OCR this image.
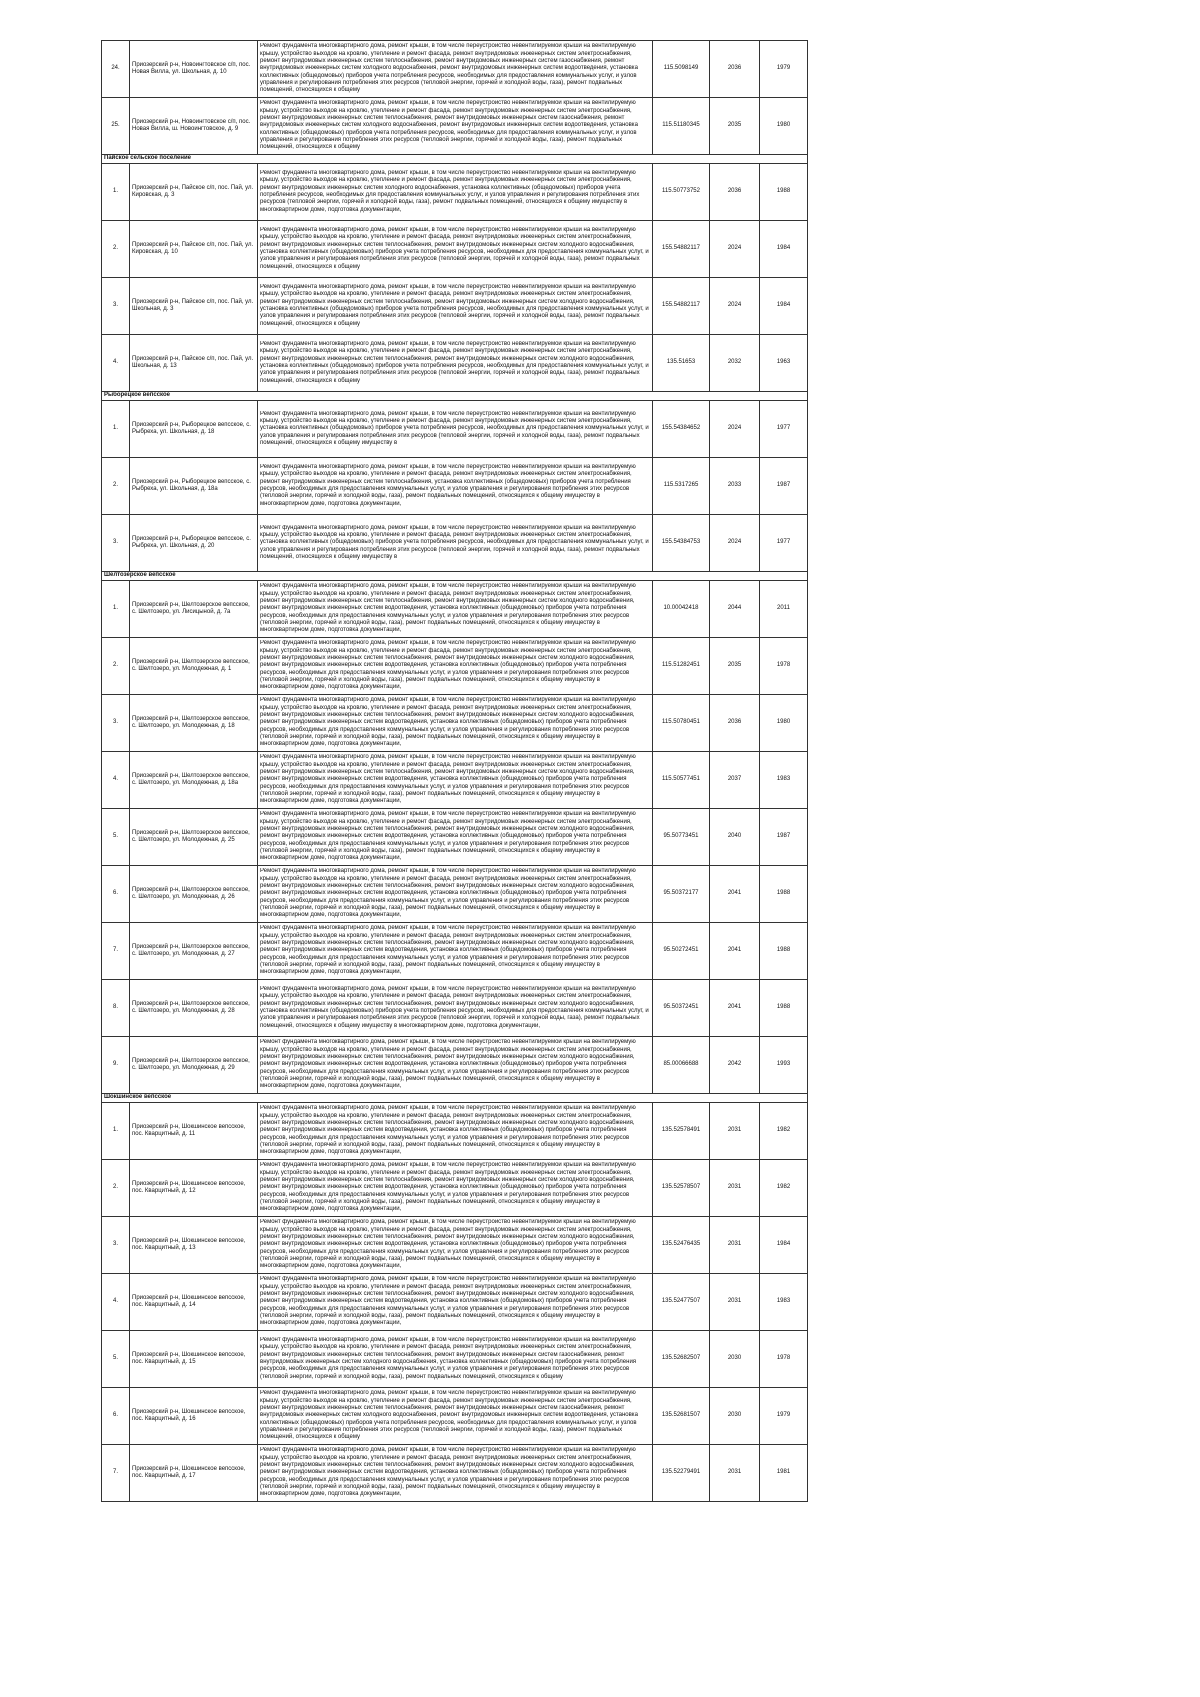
24.	Приозерский р-н, Новоингтовское с/п, пос. Новая Вилла, ул. Школьная, д. 10	Ремонт фундамента многоквартирного дома, ремонт крыши, в том числе переустройство невентилируемой крыши на вентилируемую крышу, устройство выходов на кровлю, утепление и ремонт фасада, ремонт внутридомовых инженерных систем электроснабжения, ремонт внутридомовых инженерных систем теплоснабжения, ремонт внутридомовых инженерных систем газоснабжения, ремонт внутридомовых инженерных систем холодного водоснабжения, ремонт внутридомовых инженерных систем водоотведения, установка коллективных (общедомовых) приборов учета потребления ресурсов, необходимых для предоставления коммунальных услуг, и узлов управления и регулирования потребления этих ресурсов (тепловой энергии, горячей и холодной воды, газа), ремонт подвальных помещений, относящихся к общему	115.5098149	2036	1979
25.	Приозерский р-н, Новоингтовское с/п, пос. Новая Вилла, ш. Новоингтовское, д. 9	Ремонт фундамента многоквартирного дома, ремонт крыши, в том числе переустройство невентилируемой крыши на вентилируемую крышу, устройство выходов на кровлю, утепление и ремонт фасада, ремонт внутридомовых инженерных систем электроснабжения, ремонт внутридомовых инженерных систем теплоснабжения, ремонт внутридомовых инженерных систем газоснабжения, ремонт внутридомовых инженерных систем холодного водоснабжения, ремонт внутридомовых инженерных систем водоотведения, установка коллективных (общедомовых) приборов учета потребления ресурсов, необходимых для предоставления коммунальных услуг, и узлов управления и регулирования потребления этих ресурсов (тепловой энергии, горячей и холодной воды, газа), ремонт подвальных помещений, относящихся к общему	115.51180345	2035	1980
Пайское сельское поселение					
1.	Приозерский р-н, Пайское с/п, пос. Пай, ул. Кировская, д. 3	Ремонт фундамента многоквартирного дома, ремонт крыши, в том числе переустройство невентилируемой крыши на вентилируемую крышу, устройство выходов на кровлю, утепление и ремонт фасада, ремонт внутридомовых инженерных систем электроснабжения, ремонт внутридомовых инженерных систем холодного водоснабжения, установка коллективных (общедомовых) приборов учета потребления ресурсов, необходимых для предоставления коммунальных услуг, и узлов управления и регулирования потребления этих ресурсов (тепловой энергии, горячей и холодной воды, газа), ремонт подвальных помещений, относящихся к общему имуществу в многоквартирном доме, подготовка документации,	115.50773752	2036	1988
2.	Приозерский р-н, Пайское с/п, пос. Пай, ул. Кировская, д. 10	Ремонт фундамента многоквартирного дома, ремонт крыши, в том числе переустройство невентилируемой крыши на вентилируемую крышу, устройство выходов на кровлю, утепление и ремонт фасада, ремонт внутридомовых инженерных систем электроснабжения, ремонт внутридомовых инженерных систем теплоснабжения, ремонт внутридомовых инженерных систем холодного водоснабжения, установка коллективных (общедомовых) приборов учета потребления ресурсов, необходимых для предоставления коммунальных услуг, и узлов управления и регулирования потребления этих ресурсов (тепловой энергии, горячей и холодной воды, газа), ремонт подвальных помещений, относящихся к общему	155.54882117	2024	1984
3.	Приозерский р-н, Пайское с/п, пос. Пай, ул. Школьная, д. 3	Ремонт фундамента многоквартирного дома, ремонт крыши, в том числе переустройство невентилируемой крыши на вентилируемую крышу, устройство выходов на кровлю, утепление и ремонт фасада, ремонт внутридомовых инженерных систем электроснабжения, ремонт внутридомовых инженерных систем теплоснабжения, ремонт внутридомовых инженерных систем холодного водоснабжения, установка коллективных (общедомовых) приборов учета потребления ресурсов, необходимых для предоставления коммунальных услуг, и узлов управления и регулирования потребления этих ресурсов (тепловой энергии, горячей и холодной воды, газа), ремонт подвальных помещений, относящихся к общему	155.54882117	2024	1984
4.	Приозерский р-н, Пайское с/п, пос. Пай, ул. Школьная, д. 13	Ремонт фундамента многоквартирного дома, ремонт крыши, в том числе переустройство невентилируемой крыши на вентилируемую крышу, устройство выходов на кровлю, утепление и ремонт фасада, ремонт внутридомовых инженерных систем электроснабжения, ремонт внутридомовых инженерных систем теплоснабжения, ремонт внутридомовых инженерных систем холодного водоснабжения, установка коллективных (общедомовых) приборов учета потребления ресурсов, необходимых для предоставления коммунальных услуг, и узлов управления и регулирования потребления этих ресурсов (тепловой энергии, горячей и холодной воды, газа), ремонт подвальных помещений, относящихся к общему	135.51653	2032	1963
Рыборецкое вепсское					
1.	Приозерский р-н, Рыборецкое вепсское, с. Рыбреха, ул. Школьная, д. 18	Ремонт фундамента многоквартирного дома, ремонт крыши, в том числе переустройство невентилируемой крыши на вентилируемую крышу, устройство выходов на кровлю, утепление и ремонт фасада, ремонт внутридомовых инженерных систем электроснабжения, установка коллективных (общедомовых) приборов учета потребления ресурсов, необходимых для предоставления коммунальных услуг, и узлов управления и регулирования потребления этих ресурсов (тепловой энергии, горячей и холодной воды, газа), ремонт подвальных помещений, относящихся к общему имуществу в	155.54384652	2024	1977
2.	Приозерский р-н, Рыборецкое вепсское, с. Рыбреха, ул. Школьная, д. 18а	Ремонт фундамента многоквартирного дома, ремонт крыши, в том числе переустройство невентилируемой крыши на вентилируемую крышу, устройство выходов на кровлю, утепление и ремонт фасада, ремонт внутридомовых инженерных систем электроснабжения, ремонт внутридомовых инженерных систем теплоснабжения, установка коллективных (общедомовых) приборов учета потребления ресурсов, необходимых для предоставления коммунальных услуг, и узлов управления и регулирования потребления этих ресурсов (тепловой энергии, горячей и холодной воды, газа), ремонт подвальных помещений, относящихся к общему имуществу в многоквартирном доме, подготовка документации,	115.5317265	2033	1987
3.	Приозерский р-н, Рыборецкое вепсское, с. Рыбреха, ул. Школьная, д. 20	Ремонт фундамента многоквартирного дома, ремонт крыши, в том числе переустройство невентилируемой крыши на вентилируемую крышу, устройство выходов на кровлю, утепление и ремонт фасада, ремонт внутридомовых инженерных систем электроснабжения, установка коллективных (общедомовых) приборов учета потребления ресурсов, необходимых для предоставления коммунальных услуг, и узлов управления и регулирования потребления этих ресурсов (тепловой энергии, горячей и холодной воды, газа), ремонт подвальных помещений, относящихся к общему имуществу в	155.54384753	2024	1977
Шелтозерское вепсское					
1.	Приозерский р-н, Шелтозерское вепсское, с. Шелтозеро, ул. Лисицыной, д. 7а	Ремонт фундамента многоквартирного дома, ремонт крыши, в том числе переустройство невентилируемой крыши на вентилируемую крышу, устройство выходов на кровлю, утепление и ремонт фасада, ремонт внутридомовых инженерных систем электроснабжения, ремонт внутридомовых инженерных систем теплоснабжения, ремонт внутридомовых инженерных систем холодного водоснабжения, ремонт внутридомовых инженерных систем водоотведения, установка коллективных (общедомовых) приборов учета потребления ресурсов, необходимых для предоставления коммунальных услуг, и узлов управления и регулирования потребления этих ресурсов (тепловой энергии, горячей и холодной воды, газа), ремонт подвальных помещений, относящихся к общему имуществу в многоквартирном доме, подготовка документации,	10.00042418	2044	2011
2.	Приозерский р-н, Шелтозерское вепсское, с. Шелтозеро, ул. Молодежная, д. 1	Ремонт фундамента многоквартирного дома, ремонт крыши, в том числе переустройство невентилируемой крыши на вентилируемую крышу, устройство выходов на кровлю, утепление и ремонт фасада, ремонт внутридомовых инженерных систем электроснабжения, ремонт внутридомовых инженерных систем теплоснабжения, ремонт внутридомовых инженерных систем холодного водоснабжения, ремонт внутридомовых инженерных систем водоотведения, установка коллективных (общедомовых) приборов учета потребления ресурсов, необходимых для предоставления коммунальных услуг, и узлов управления и регулирования потребления этих ресурсов (тепловой энергии, горячей и холодной воды, газа), ремонт подвальных помещений, относящихся к общему имуществу в многоквартирном доме, подготовка документации,	115.51282451	2035	1978
3.	Приозерский р-н, Шелтозерское вепсское, с. Шелтозеро, ул. Молодежная, д. 18	Ремонт фундамента многоквартирного дома, ремонт крыши, в том числе переустройство невентилируемой крыши на вентилируемую крышу, устройство выходов на кровлю, утепление и ремонт фасада, ремонт внутридомовых инженерных систем электроснабжения, ремонт внутридомовых инженерных систем теплоснабжения, ремонт внутридомовых инженерных систем холодного водоснабжения, ремонт внутридомовых инженерных систем водоотведения, установка коллективных (общедомовых) приборов учета потребления ресурсов, необходимых для предоставления коммунальных услуг, и узлов управления и регулирования потребления этих ресурсов (тепловой энергии, горячей и холодной воды, газа), ремонт подвальных помещений, относящихся к общему имуществу в многоквартирном доме, подготовка документации,	115.50780451	2036	1980
4.	Приозерский р-н, Шелтозерское вепсское, с. Шелтозеро, ул. Молодежная, д. 18а	Ремонт фундамента многоквартирного дома, ремонт крыши, в том числе переустройство невентилируемой крыши на вентилируемую крышу, устройство выходов на кровлю, утепление и ремонт фасада, ремонт внутридомовых инженерных систем электроснабжения, ремонт внутридомовых инженерных систем теплоснабжения, ремонт внутридомовых инженерных систем холодного водоснабжения, ремонт внутридомовых инженерных систем водоотведения, установка коллективных (общедомовых) приборов учета потребления ресурсов, необходимых для предоставления коммунальных услуг, и узлов управления и регулирования потребления этих ресурсов (тепловой энергии, горячей и холодной воды, газа), ремонт подвальных помещений, относящихся к общему имуществу в многоквартирном доме, подготовка документации,	115.50577451	2037	1983
5.	Приозерский р-н, Шелтозерское вепсское, с. Шелтозеро, ул. Молодежная, д. 25	Ремонт фундамента многоквартирного дома, ремонт крыши, в том числе переустройство невентилируемой крыши на вентилируемую крышу, устройство выходов на кровлю, утепление и ремонт фасада, ремонт внутридомовых инженерных систем электроснабжения, ремонт внутридомовых инженерных систем теплоснабжения, ремонт внутридомовых инженерных систем холодного водоснабжения, ремонт внутридомовых инженерных систем водоотведения, установка коллективных (общедомовых) приборов учета потребления ресурсов, необходимых для предоставления коммунальных услуг, и узлов управления и регулирования потребления этих ресурсов (тепловой энергии, горячей и холодной воды, газа), ремонт подвальных помещений, относящихся к общему имуществу в многоквартирном доме, подготовка документации,	95.50773451	2040	1987
6.	Приозерский р-н, Шелтозерское вепсское, с. Шелтозеро, ул. Молодежная, д. 26	Ремонт фундамента многоквартирного дома, ремонт крыши, в том числе переустройство невентилируемой крыши на вентилируемую крышу, устройство выходов на кровлю, утепление и ремонт фасада, ремонт внутридомовых инженерных систем электроснабжения, ремонт внутридомовых инженерных систем теплоснабжения, ремонт внутридомовых инженерных систем холодного водоснабжения, ремонт внутридомовых инженерных систем водоотведения, установка коллективных (общедомовых) приборов учета потребления ресурсов, необходимых для предоставления коммунальных услуг, и узлов управления и регулирования потребления этих ресурсов (тепловой энергии, горячей и холодной воды, газа), ремонт подвальных помещений, относящихся к общему имуществу в многоквартирном доме, подготовка документации,	95.50372177	2041	1988
7.	Приозерский р-н, Шелтозерское вепсское, с. Шелтозеро, ул. Молодежная, д. 27	Ремонт фундамента многоквартирного дома, ремонт крыши, в том числе переустройство невентилируемой крыши на вентилируемую крышу, устройство выходов на кровлю, утепление и ремонт фасада, ремонт внутридомовых инженерных систем электроснабжения, ремонт внутридомовых инженерных систем теплоснабжения, ремонт внутридомовых инженерных систем холодного водоснабжения, ремонт внутридомовых инженерных систем водоотведения, установка коллективных (общедомовых) приборов учета потребления ресурсов, необходимых для предоставления коммунальных услуг, и узлов управления и регулирования потребления этих ресурсов (тепловой энергии, горячей и холодной воды, газа), ремонт подвальных помещений, относящихся к общему имуществу в многоквартирном доме, подготовка документации,	95.50272451	2041	1988
8.	Приозерский р-н, Шелтозерское вепсское, с. Шелтозеро, ул. Молодежная, д. 28	Ремонт фундамента многоквартирного дома, ремонт крыши, в том числе переустройство невентилируемой крыши на вентилируемую крышу, устройство выходов на кровлю, утепление и ремонт фасада, ремонт внутридомовых инженерных систем электроснабжения, ремонт внутридомовых инженерных систем теплоснабжения, ремонт внутридомовых инженерных систем холодного водоснабжения, установка коллективных (общедомовых) приборов учета потребления ресурсов, необходимых для предоставления коммунальных услуг, и узлов управления и регулирования потребления этих ресурсов (тепловой энергии, горячей и холодной воды, газа), ремонт подвальных помещений, относящихся к общему имуществу в многоквартирном доме, подготовка документации,	95.50372451	2041	1988
9.	Приозерский р-н, Шелтозерское вепсское, с. Шелтозеро, ул. Молодежная, д. 29	Ремонт фундамента многоквартирного дома, ремонт крыши, в том числе переустройство невентилируемой крыши на вентилируемую крышу, устройство выходов на кровлю, утепление и ремонт фасада, ремонт внутридомовых инженерных систем электроснабжения, ремонт внутридомовых инженерных систем теплоснабжения, ремонт внутридомовых инженерных систем холодного водоснабжения, ремонт внутридомовых инженерных систем водоотведения, установка коллективных (общедомовых) приборов учета потребления ресурсов, необходимых для предоставления коммунальных услуг, и узлов управления и регулирования потребления этих ресурсов (тепловой энергии, горячей и холодной воды, газа), ремонт подвальных помещений, относящихся к общему имуществу в многоквартирном доме, подготовка документации,	85.00066688	2042	1993
Шокшинское вепсское					
1.	Приозерский р-н, Шокшинское вепсское, пос. Кварцитный, д. 11	Ремонт фундамента многоквартирного дома, ремонт крыши, в том числе переустройство невентилируемой крыши на вентилируемую крышу, устройство выходов на кровлю, утепление и ремонт фасада, ремонт внутридомовых инженерных систем электроснабжения, ремонт внутридомовых инженерных систем теплоснабжения, ремонт внутридомовых инженерных систем холодного водоснабжения, ремонт внутридомовых инженерных систем водоотведения, установка коллективных (общедомовых) приборов учета потребления ресурсов, необходимых для предоставления коммунальных услуг, и узлов управления и регулирования потребления этих ресурсов (тепловой энергии, горячей и холодной воды, газа), ремонт подвальных помещений, относящихся к общему имуществу в многоквартирном доме, подготовка документации,	135.52578491	2031	1982
2.	Приозерский р-н, Шокшинское вепсское, пос. Кварцитный, д. 12	Ремонт фундамента многоквартирного дома, ремонт крыши, в том числе переустройство невентилируемой крыши на вентилируемую крышу, устройство выходов на кровлю, утепление и ремонт фасада, ремонт внутридомовых инженерных систем электроснабжения, ремонт внутридомовых инженерных систем теплоснабжения, ремонт внутридомовых инженерных систем холодного водоснабжения, ремонт внутридомовых инженерных систем водоотведения, установка коллективных (общедомовых) приборов учета потребления ресурсов, необходимых для предоставления коммунальных услуг, и узлов управления и регулирования потребления этих ресурсов (тепловой энергии, горячей и холодной воды, газа), ремонт подвальных помещений, относящихся к общему имуществу в многоквартирном доме, подготовка документации,	135.52578507	2031	1982
3.	Приозерский р-н, Шокшинское вепсское, пос. Кварцитный, д. 13	Ремонт фундамента многоквартирного дома, ремонт крыши, в том числе переустройство невентилируемой крыши на вентилируемую крышу, устройство выходов на кровлю, утепление и ремонт фасада, ремонт внутридомовых инженерных систем электроснабжения, ремонт внутридомовых инженерных систем теплоснабжения, ремонт внутридомовых инженерных систем холодного водоснабжения, ремонт внутридомовых инженерных систем водоотведения, установка коллективных (общедомовых) приборов учета потребления ресурсов, необходимых для предоставления коммунальных услуг, и узлов управления и регулирования потребления этих ресурсов (тепловой энергии, горячей и холодной воды, газа), ремонт подвальных помещений, относящихся к общему имуществу в многоквартирном доме, подготовка документации,	135.52476435	2031	1984
4.	Приозерский р-н, Шокшинское вепсское, пос. Кварцитный, д. 14	Ремонт фундамента многоквартирного дома, ремонт крыши, в том числе переустройство невентилируемой крыши на вентилируемую крышу, устройство выходов на кровлю, утепление и ремонт фасада, ремонт внутридомовых инженерных систем электроснабжения, ремонт внутридомовых инженерных систем теплоснабжения, ремонт внутридомовых инженерных систем холодного водоснабжения, ремонт внутридомовых инженерных систем водоотведения, установка коллективных (общедомовых) приборов учета потребления ресурсов, необходимых для предоставления коммунальных услуг, и узлов управления и регулирования потребления этих ресурсов (тепловой энергии, горячей и холодной воды, газа), ремонт подвальных помещений, относящихся к общему имуществу в многоквартирном доме, подготовка документации,	135.52477507	2031	1983
5.	Приозерский р-н, Шокшинское вепсское, пос. Кварцитный, д. 15	Ремонт фундамента многоквартирного дома, ремонт крыши, в том числе переустройство невентилируемой крыши на вентилируемую крышу, устройство выходов на кровлю, утепление и ремонт фасада, ремонт внутридомовых инженерных систем электроснабжения, ремонт внутридомовых инженерных систем теплоснабжения, ремонт внутридомовых инженерных систем газоснабжения, ремонт внутридомовых инженерных систем холодного водоснабжения, установка коллективных (общедомовых) приборов учета потребления ресурсов, необходимых для предоставления коммунальных услуг, и узлов управления и регулирования потребления этих ресурсов (тепловой энергии, горячей и холодной воды, газа), ремонт подвальных помещений, относящихся к общему	135.52682507	2030	1978
6.	Приозерский р-н, Шокшинское вепсское, пос. Кварцитный, д. 16	Ремонт фундамента многоквартирного дома, ремонт крыши, в том числе переустройство невентилируемой крыши на вентилируемую крышу, устройство выходов на кровлю, утепление и ремонт фасада, ремонт внутридомовых инженерных систем электроснабжения, ремонт внутридомовых инженерных систем теплоснабжения, ремонт внутридомовых инженерных систем газоснабжения, ремонт внутридомовых инженерных систем холодного водоснабжения, ремонт внутридомовых инженерных систем водоотведения, установка коллективных (общедомовых) приборов учета потребления ресурсов, необходимых для предоставления коммунальных услуг, и узлов управления и регулирования потребления этих ресурсов (тепловой энергии, горячей и холодной воды, газа), ремонт подвальных помещений, относящихся к общему	135.52681507	2030	1979
7.	Приозерский р-н, Шокшинское вепсское, пос. Кварцитный, д. 17	Ремонт фундамента многоквартирного дома, ремонт крыши, в том числе переустройство невентилируемой крыши на вентилируемую крышу, устройство выходов на кровлю, утепление и ремонт фасада, ремонт внутридомовых инженерных систем электроснабжения, ремонт внутридомовых инженерных систем теплоснабжения, ремонт внутридомовых инженерных систем холодного водоснабжения, ремонт внутридомовых инженерных систем водоотведения, установка коллективных (общедомовых) приборов учета потребления ресурсов, необходимых для предоставления коммунальных услуг, и узлов управления и регулирования потребления этих ресурсов (тепловой энергии, горячей и холодной воды, газа), ремонт подвальных помещений, относящихся к общему имуществу в многоквартирном доме, подготовка документации,	135.52279491	2031	1981
